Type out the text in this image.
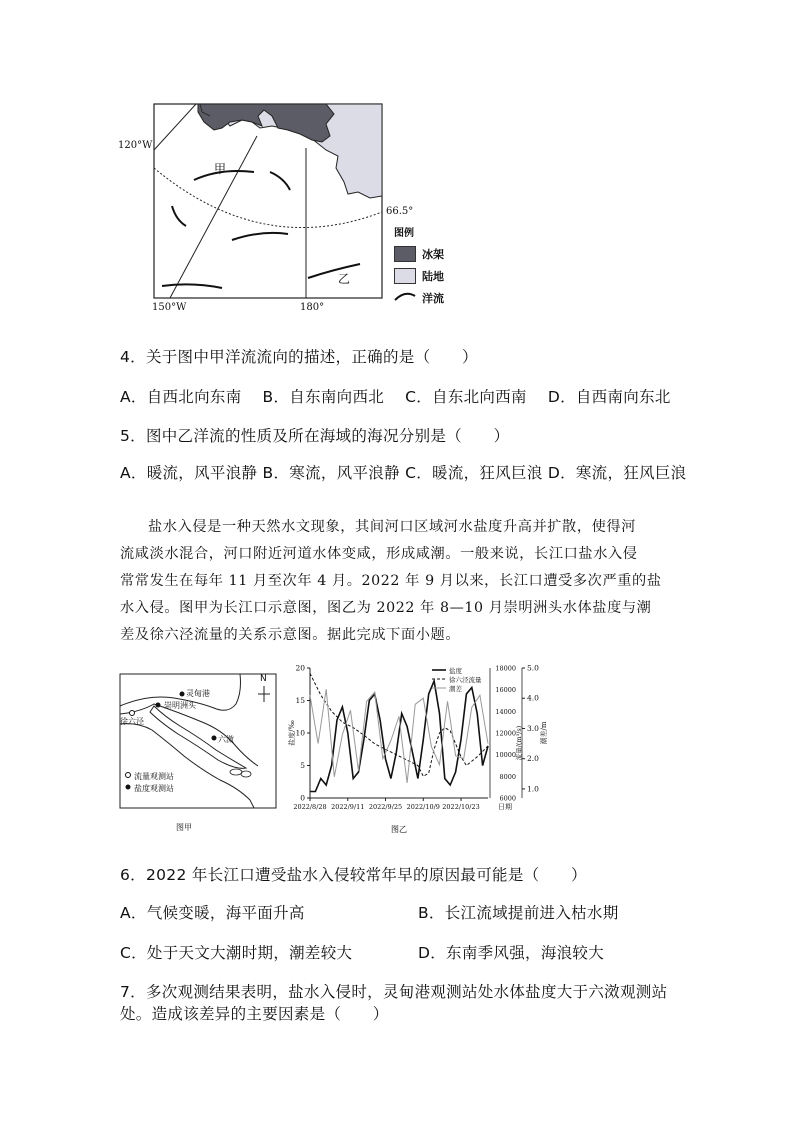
120°W
150°W	180°
66.5°
甲
乙
图例
冰架
陆地
洋流
4．关于图中甲洋流流向的描述，正确的是（　　）
A．自西北向东南　 B．自东南向西北　 C．自东北向西南　 D．自西南向东北
5．图中乙洋流的性质及所在海域的海况分别是（　　）
A．暖流，风平浪静 B．寒流，风平浪静 C．暖流，狂风巨浪 D．寒流，狂风巨浪
盐水入侵是一种天然水文现象，其间河口区域河水盐度升高并扩散，使得河
流咸淡水混合，河口附近河道水体变咸，形成咸潮。一般来说，长江口盐水入侵
常常发生在每年 11 月至次年 4 月。2022 年 9 月以来，长江口遭受多次严重的盐
水入侵。图甲为长江口示意图，图乙为 2022 年 8—10 月崇明洲头水体盐度与潮
差及徐六泾流量的关系示意图。据此完成下面小题。
N
灵甸港
崇明洲头
徐六泾
六滧
流量观测站
盐度观测站
图甲
0
5
10
15
20
6000
8000
10000
12000
14000
16000
18000
1.0
2.0
3.0
4.0
5.0
2022/8/28 2022/9/11 2022/9/25 2022/10/9 2022/10/23	日期
盐度/‰	流量/(m³/s) 潮差/m
盐度
徐六泾流量
潮差
图乙
6．2022 年长江口遭受盐水入侵较常年早的原因最可能是（　　）
A．气候变暖，海平面升高	B．长江流域提前进入枯水期
C．处于天文大潮时期，潮差较大	D．东南季风强，海浪较大
7．多次观测结果表明，盐水入侵时，灵甸港观测站处水体盐度大于六滧观测站
处。造成该差异的主要因素是（　　）
